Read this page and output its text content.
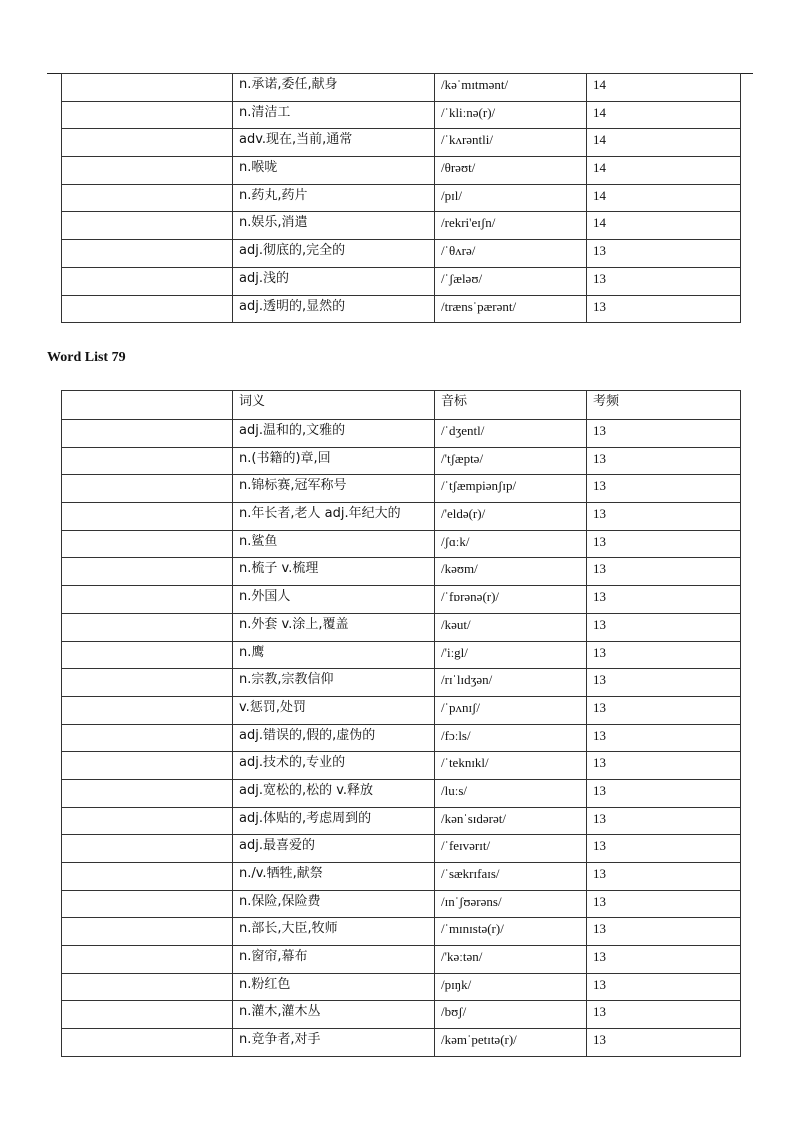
	n.承诺,委任,献身	/kəˈmɪtmənt/	14
	n.清洁工	/ˈkliːnə(r)/	14
	adv.现在,当前,通常	/ˈkʌrəntli/	14
	n.喉咙	/θrəʊt/	14
	n.药丸,药片	/pɪl/	14
	n.娱乐,消遣	/rekri'eɪʃn/	14
	adj.彻底的,完全的	/ˈθʌrə/	13
	adj.浅的	/ˈʃæləʊ/	13
	adj.透明的,显然的	/trænsˈpærənt/	13
Word List 79
	词义	音标	考频
	adj.温和的,文雅的	/ˈdʒentl/	13
	n.(书籍的)章,回	/'tʃæptə/	13
	n.锦标赛,冠军称号	/ˈtʃæmpiənʃɪp/	13
	n.年长者,老人 adj.年纪大的	/'eldə(r)/	13
	n.鲨鱼	/ʃɑːk/	13
	n.梳子 v.梳理	/kəʊm/	13
	n.外国人	/ˈfɒrənə(r)/	13
	n.外套 v.涂上,覆盖	/kəut/	13
	n.鹰	/'iːgl/	13
	n.宗教,宗教信仰	/rɪˈlɪdʒən/	13
	v.惩罚,处罚	/ˈpʌnɪʃ/	13
	adj.错误的,假的,虚伪的	/fɔːls/	13
	adj.技术的,专业的	/ˈteknɪkl/	13
	adj.宽松的,松的 v.释放	/luːs/	13
	adj.体贴的,考虑周到的	/kənˈsɪdərət/	13
	adj.最喜爱的	/ˈfeɪvərɪt/	13
	n./v.牺牲,献祭	/ˈsækrɪfaɪs/	13
	n.保险,保险费	/ɪnˈʃʊərəns/	13
	n.部长,大臣,牧师	/ˈmɪnɪstə(r)/	13
	n.窗帘,幕布	/'kəːtən/	13
	n.粉红色	/pɪŋk/	13
	n.灌木,灌木丛	/bʊʃ/	13
	n.竞争者,对手	/kəmˈpetɪtə(r)/	13
